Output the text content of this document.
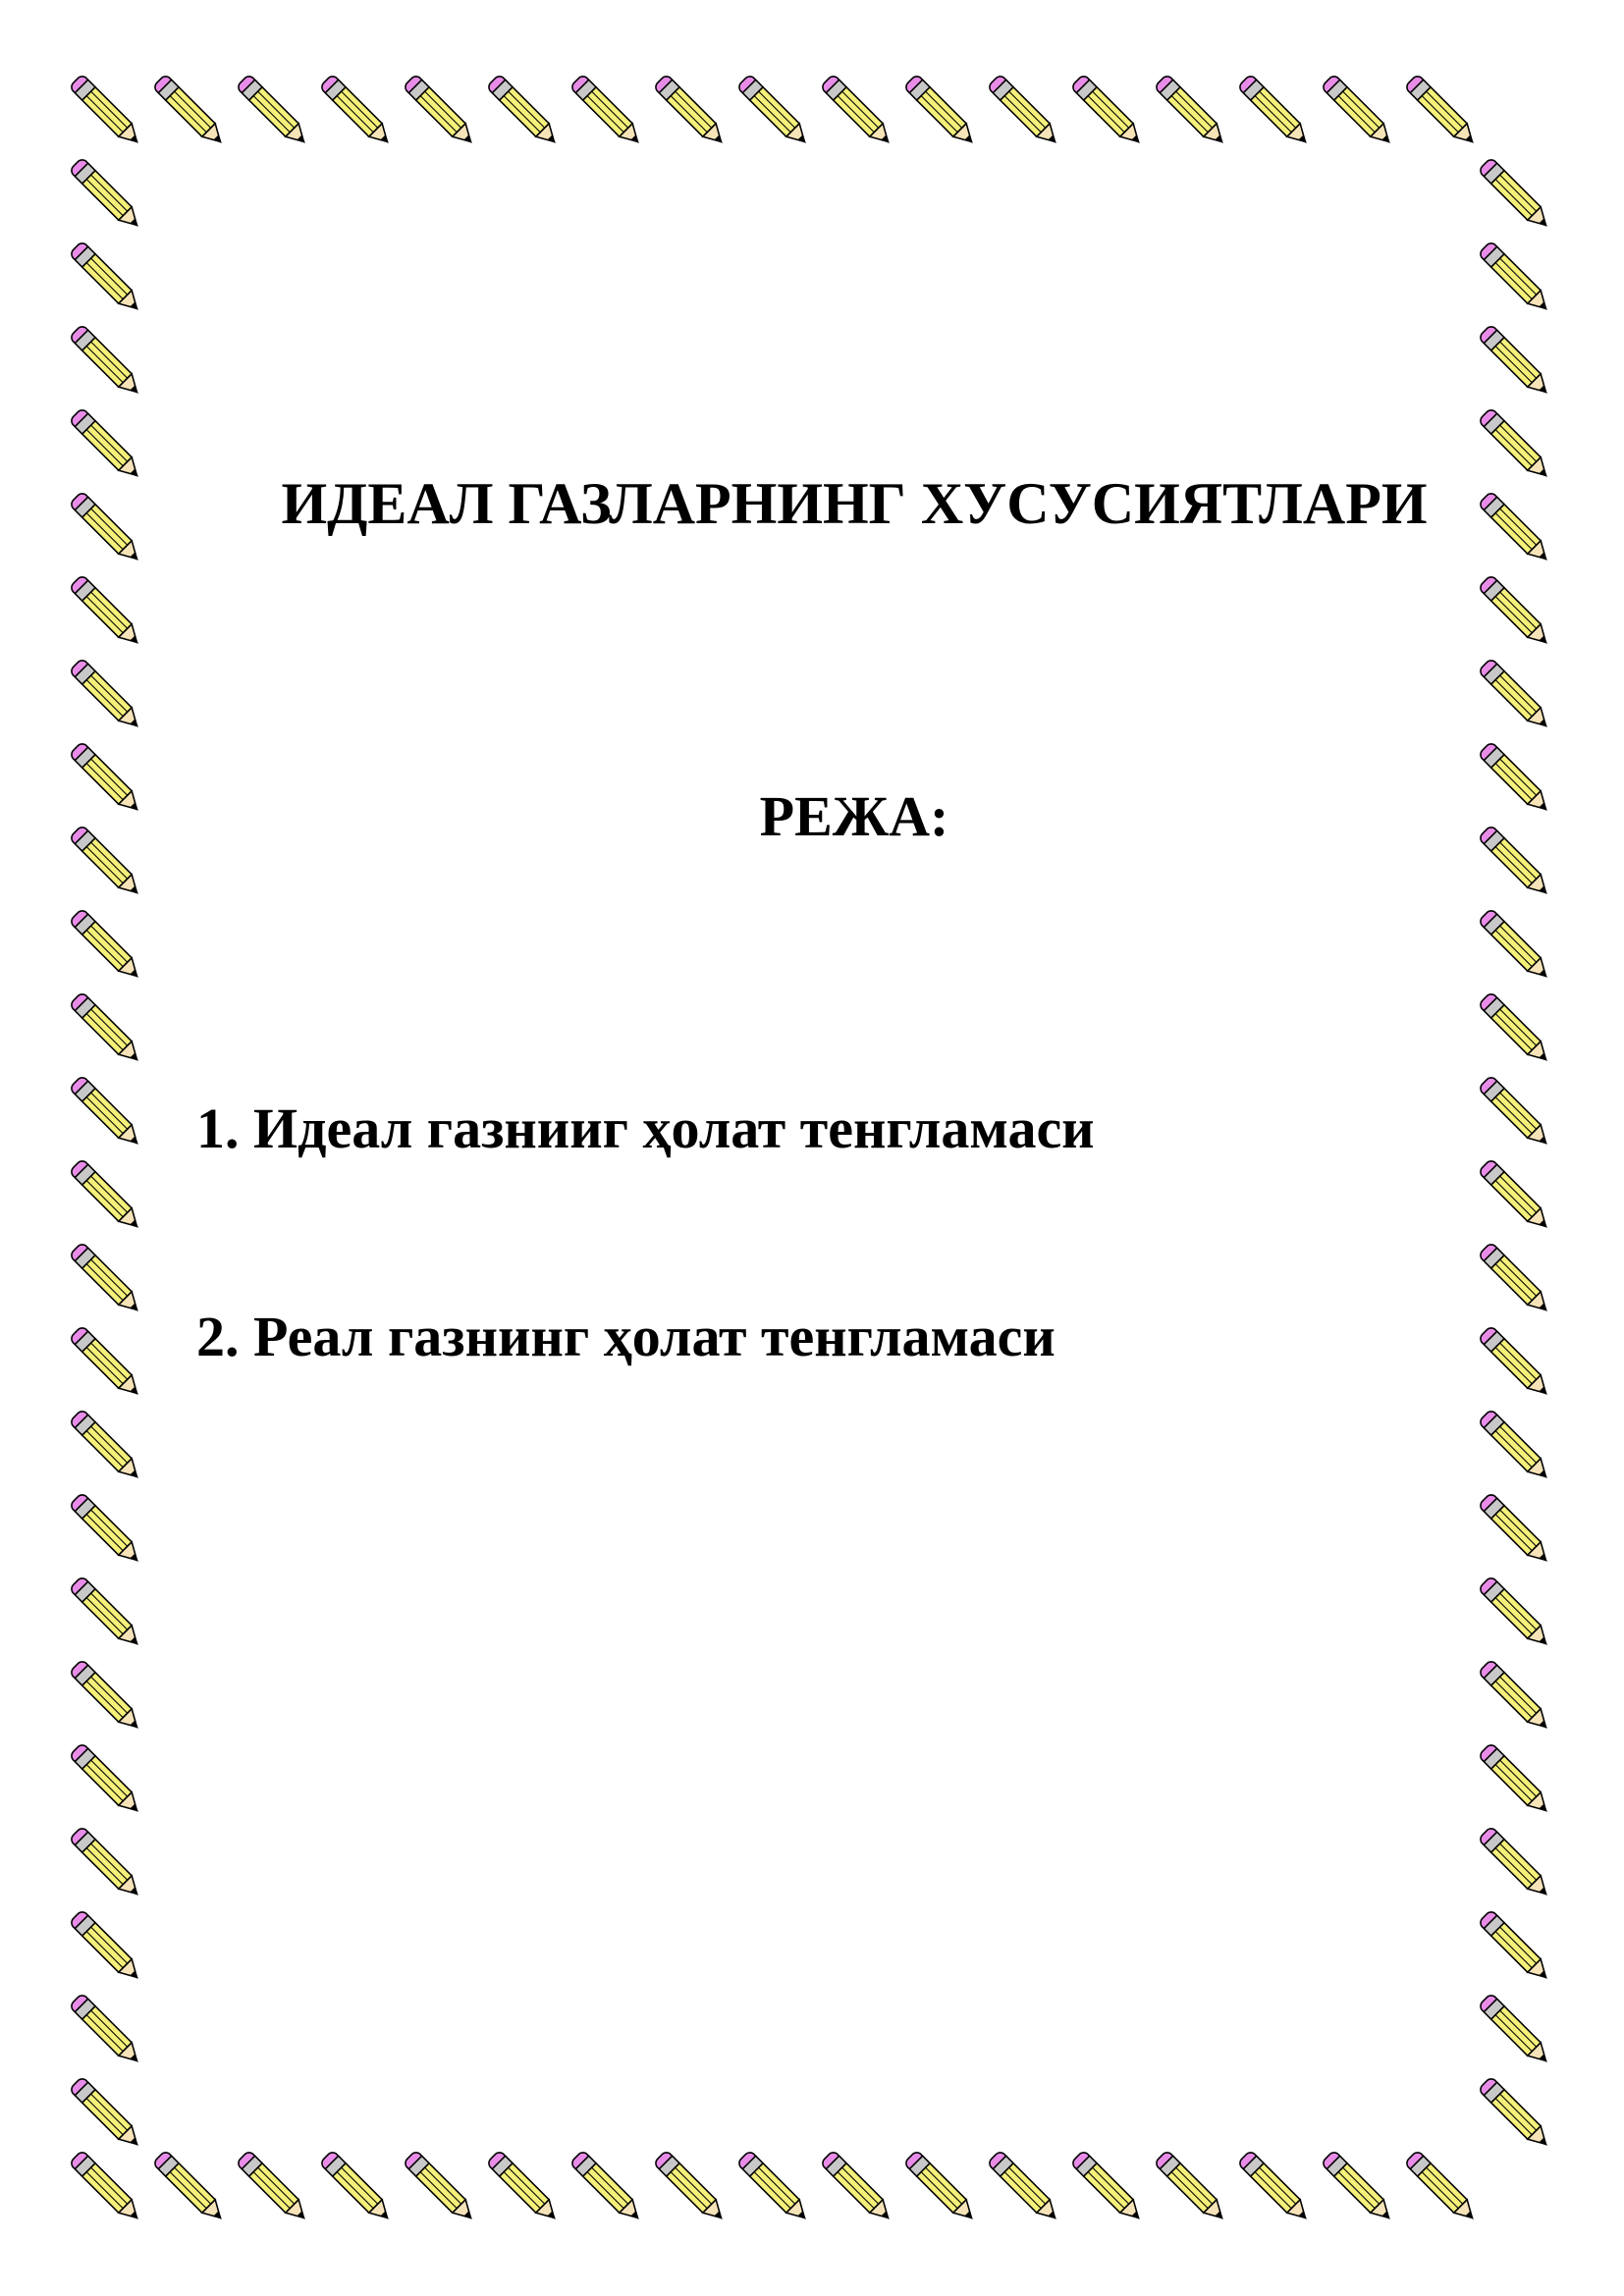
ИДЕАЛ ГАЗЛАРНИНГ ХУСУСИЯТЛАРИ
РЕЖА:

1. Идеал газнииг ҳолат тенгламаси

2. Реал газнинг ҳолат тенгламаси
